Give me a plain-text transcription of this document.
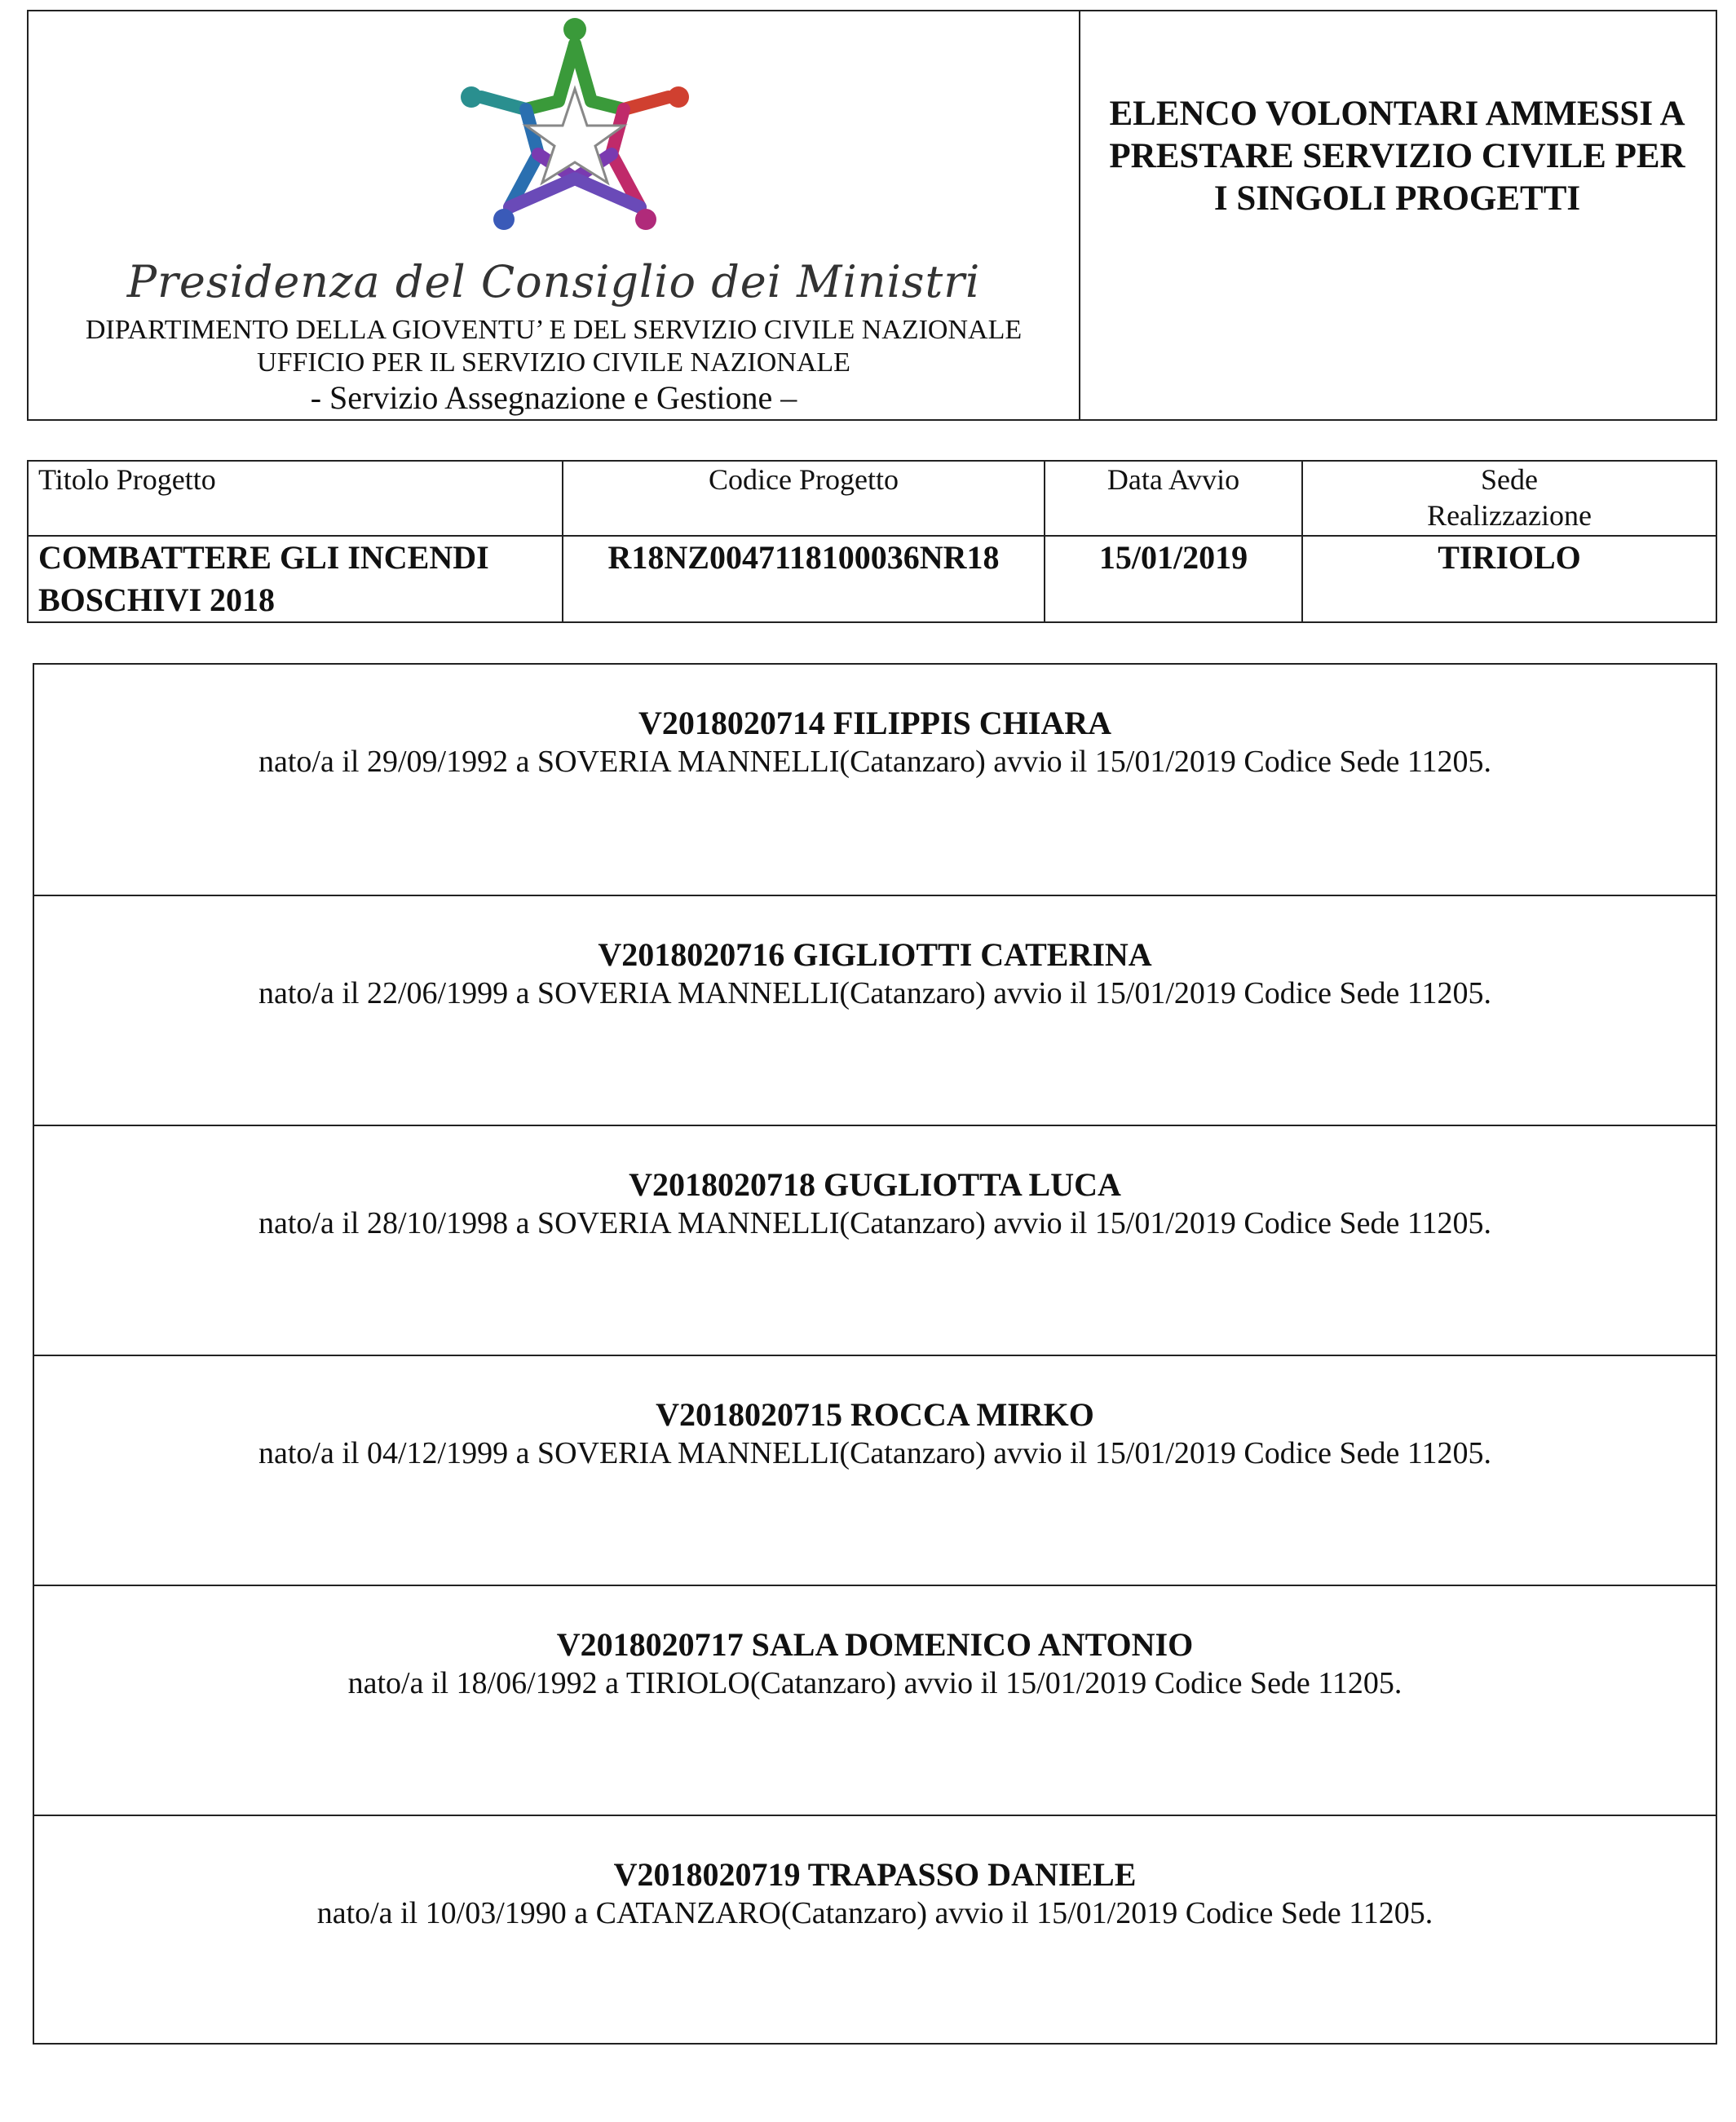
Presidenza del Consiglio dei Ministri
DIPARTIMENTO DELLA GIOVENTU’ E DEL SERVIZIO CIVILE NAZIONALE
UFFICIO PER IL SERVIZIO CIVILE NAZIONALE
- Servizio Assegnazione e Gestione –
ELENCO VOLONTARI AMMESSI A
PRESTARE SERVIZIO CIVILE PER
I SINGOLI PROGETTI
Titolo Progetto	Codice Progetto	Data Avvio	Sede
Realizzazione

COMBATTERE GLI INCENDI
BOSCHIVI 2018	R18NZ0047118100036NR18	15/01/2019	TIRIOLO
V2018020714 FILIPPIS CHIARA
nato/a il 29/09/1992 a SOVERIA MANNELLI(Catanzaro) avvio il 15/01/2019 Codice Sede 11205.
V2018020716 GIGLIOTTI CATERINA
nato/a il 22/06/1999 a SOVERIA MANNELLI(Catanzaro) avvio il 15/01/2019 Codice Sede 11205.
V2018020718 GUGLIOTTA LUCA
nato/a il 28/10/1998 a SOVERIA MANNELLI(Catanzaro) avvio il 15/01/2019 Codice Sede 11205.
V2018020715 ROCCA MIRKO
nato/a il 04/12/1999 a SOVERIA MANNELLI(Catanzaro) avvio il 15/01/2019 Codice Sede 11205.
V2018020717 SALA DOMENICO ANTONIO
nato/a il 18/06/1992 a TIRIOLO(Catanzaro) avvio il 15/01/2019 Codice Sede 11205.
V2018020719 TRAPASSO DANIELE
nato/a il 10/03/1990 a CATANZARO(Catanzaro) avvio il 15/01/2019 Codice Sede 11205.
